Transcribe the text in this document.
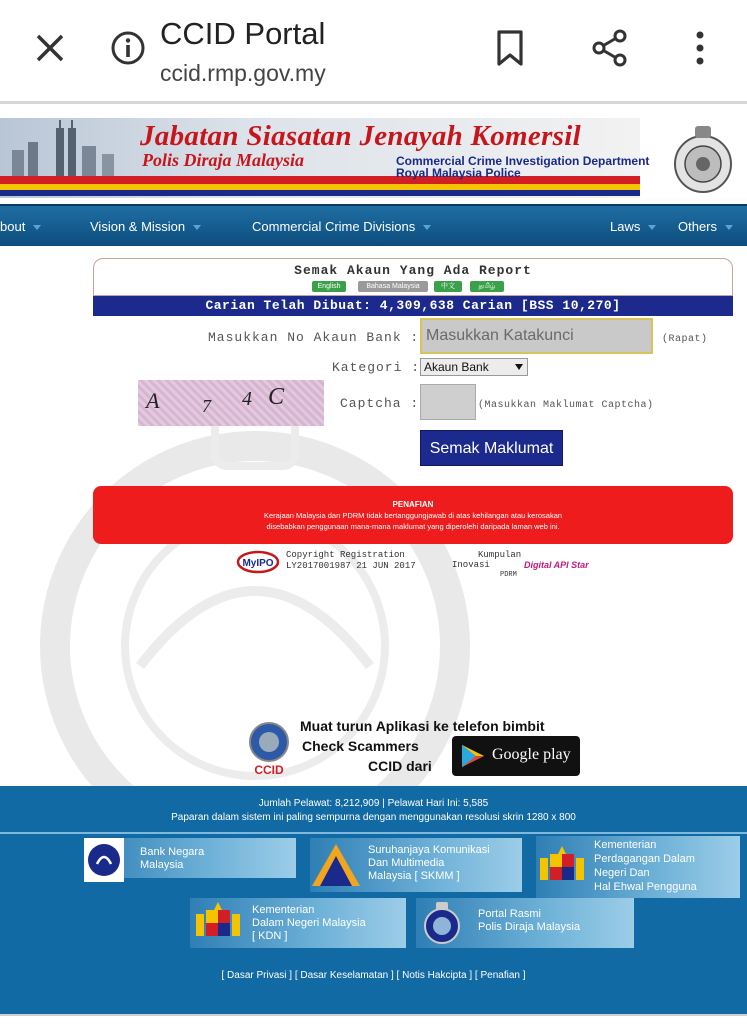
CCID Portal
ccid.rmp.gov.my
Jabatan Siasatan Jenayah Komersil
Polis Diraja Malaysia	Commercial Crime Investigation Department
Royal Malaysia Police
bout	Vision & Mission	Commercial Crime Divisions	Laws	Others
Semak Akaun Yang Ada Report
English	Bahasa Malaysia	中文	தமிழ்
Carian Telah Dibuat: 4,309,638 Carian [BSS 10,270]
Masukkan No Akaun Bank :
Masukkan Katakunci	(Rapat)
Kategori : Akaun Bank
A 7 4 C	Captcha :	(Masukkan Maklumat Captcha)
Semak Maklumat
PENAFIAN
Kerajaan Malaysia dan PDRM tidak bertanggungjawab di atas kehilangan atau kerosakan
disebabkan penggunaan mana-mana maklumat yang diperolehi daripada laman web ini.
MyIPO
Copyright Registration
LY2017001987 21 JUN 2017
Kumpulan
Inovasi
PDRM
Digital API Star
CCID
Muat turun Aplikasi ke telefon bimbit
Check Scammers
CCID dari
Google play
Jumlah Pelawat: 8,212,909 | Pelawat Hari Ini: 5,585
Paparan dalam sistem ini paling sempurna dengan menggunakan resolusi skrin 1280 x 800
Bank Negara
Malaysia
Suruhanjaya Komunikasi
Dan Multimedia
Malaysia [ SKMM ]
Kementerian
Perdagangan Dalam
Negeri Dan
Hal Ehwal Pengguna
Kementerian
Dalam Negeri Malaysia
[ KDN ]
Portal Rasmi
Polis Diraja Malaysia
[ Dasar Privasi ] [ Dasar Keselamatan ] [ Notis Hakcipta ] [ Penafian ]
